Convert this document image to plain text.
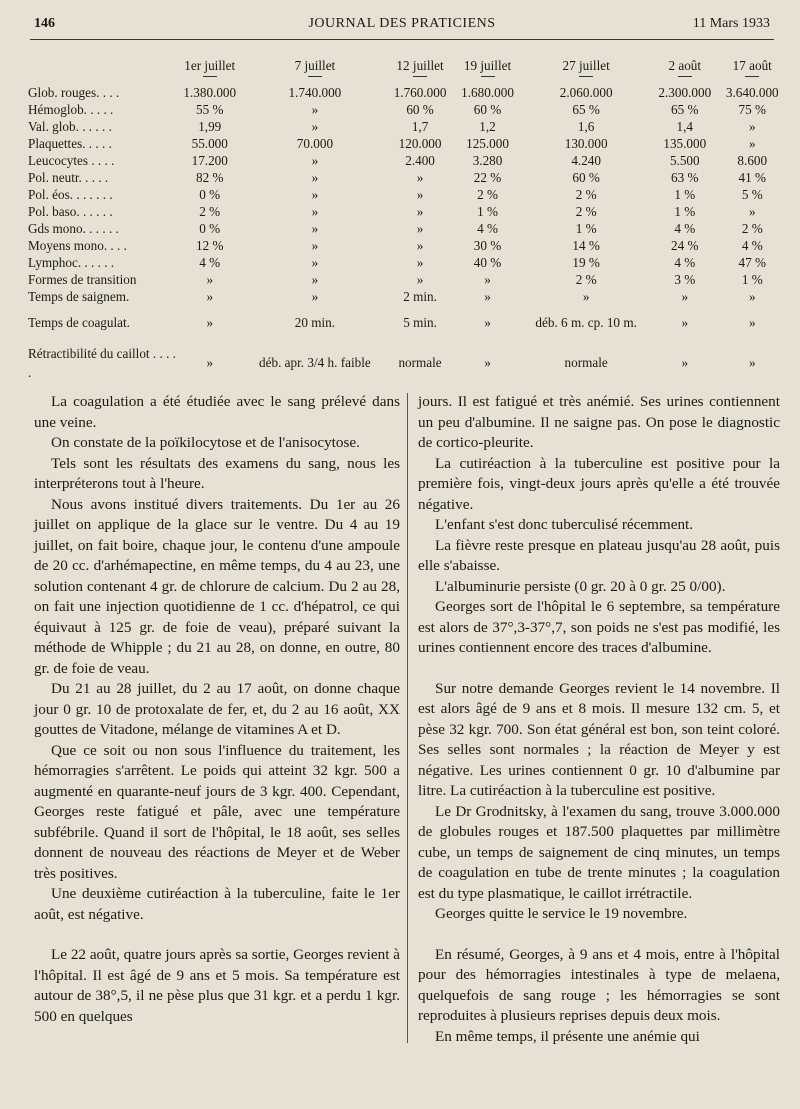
146	JOURNAL DES PRATICIENS	11 Mars 1933
	1er juillet	7 juillet	12 juillet	19 juillet	27 juillet	2 août	17 août

Glob. rouges. . . .	1.380.000	1.740.000	1.760.000	1.680.000	2.060.000	2.300.000	3.640.000
Hémoglob. . . . .	55 %	»	60 %	60 %	65 %	65 %	75 %
Val. glob. . . . . .	1,99	»	1,7	1,2	1,6	1,4	»
Plaquettes. . . . .	55.000	70.000	120.000	125.000	130.000	135.000	»
Leucocytes . . . .	17.200	»	2.400	3.280	4.240	5.500	8.600
Pol. neutr. . . . .	82 %	»	»	22 %	60 %	63 %	41 %
Pol. éos. . . . . . .	0 %	»	»	2 %	2 %	1 %	5 %
Pol. baso. . . . . .	2 %	»	»	1 %	2 %	1 %	»
Gds mono. . . . . .	0 %	»	»	4 %	1 %	4 %	2 %
Moyens mono. . . .	12 %	»	»	30 %	14 %	24 %	4 %
Lymphoc. . . . . .	4 %	»	»	40 %	19 %	4 %	47 %
Formes de transition	»	»	»	»	2 %	3 %	1 %
Temps de saignem.	»	»	2 min.	»	»	»	»
Temps de coagulat.	»	20 min.	5 min.	»	déb. 6 m. cp. 10 m.	»	»
Rétractibilité du caillot . . . . .	»	déb. apr. 3/4 h. faible	normale	»	normale	»	»

La coagulation a été étudiée avec le sang prélevé dans une veine.

On constate de la poïkilocytose et de l'anisocytose.

Tels sont les résultats des examens du sang, nous les interpréterons tout à l'heure.

Nous avons institué divers traitements. Du 1er au 26 juillet on applique de la glace sur le ventre. Du 4 au 19 juillet, on fait boire, chaque jour, le contenu d'une ampoule de 20 cc. d'arhémapectine, en même temps, du 4 au 23, une solution contenant 4 gr. de chlorure de calcium. Du 2 au 28, on fait une injection quotidienne de 1 cc. d'hépatrol, ce qui équivaut à 125 gr. de foie de veau), préparé suivant la méthode de Whipple ; du 21 au 28, on donne, en outre, 80 gr. de foie de veau.

Du 21 au 28 juillet, du 2 au 17 août, on donne chaque jour 0 gr. 10 de protoxalate de fer, et, du 2 au 16 août, XX gouttes de Vitadone, mélange de vitamines A et D.

Que ce soit ou non sous l'influence du traitement, les hémorragies s'arrêtent. Le poids qui atteint 32 kgr. 500 a augmenté en quarante-neuf jours de 3 kgr. 400. Cependant, Georges reste fatigué et pâle, avec une température subfébrile. Quand il sort de l'hôpital, le 18 août, ses selles donnent de nouveau des réactions de Meyer et de Weber très positives.

Une deuxième cutiréaction à la tuberculine, faite le 1er août, est négative.

Le 22 août, quatre jours après sa sortie, Georges revient à l'hôpital. Il est âgé de 9 ans et 5 mois. Sa température est autour de 38°,5, il ne pèse plus que 31 kgr. et a perdu 1 kgr. 500 en quelques

jours. Il est fatigué et très anémié. Ses urines contiennent un peu d'albumine. Il ne saigne pas. On pose le diagnostic de cortico-pleurite.

La cutiréaction à la tuberculine est positive pour la première fois, vingt-deux jours après qu'elle a été trouvée négative.

L'enfant s'est donc tuberculisé récemment.

La fièvre reste presque en plateau jusqu'au 28 août, puis elle s'abaisse.

L'albuminurie persiste (0 gr. 20 à 0 gr. 25 0/00).

Georges sort de l'hôpital le 6 septembre, sa température est alors de 37°,3-37°,7, son poids ne s'est pas modifié, les urines contiennent encore des traces d'albumine.

Sur notre demande Georges revient le 14 novembre. Il est alors âgé de 9 ans et 8 mois. Il mesure 132 cm. 5, et pèse 32 kgr. 700. Son état général est bon, son teint coloré. Ses selles sont normales ; la réaction de Meyer y est négative. Les urines contiennent 0 gr. 10 d'albumine par litre. La cutiréaction à la tuberculine est positive.

Le Dr Grodnitsky, à l'examen du sang, trouve 3.000.000 de globules rouges et 187.500 plaquettes par millimètre cube, un temps de saignement de cinq minutes, un temps de coagulation en tube de trente minutes ; la coagulation est du type plasmatique, le caillot irrétractile.

Georges quitte le service le 19 novembre.

En résumé, Georges, à 9 ans et 4 mois, entre à l'hôpital pour des hémorragies intestinales à type de melaena, quelquefois de sang rouge ; les hémorragies se sont reproduites à plusieurs reprises depuis deux mois.

En même temps, il présente une anémie qui
